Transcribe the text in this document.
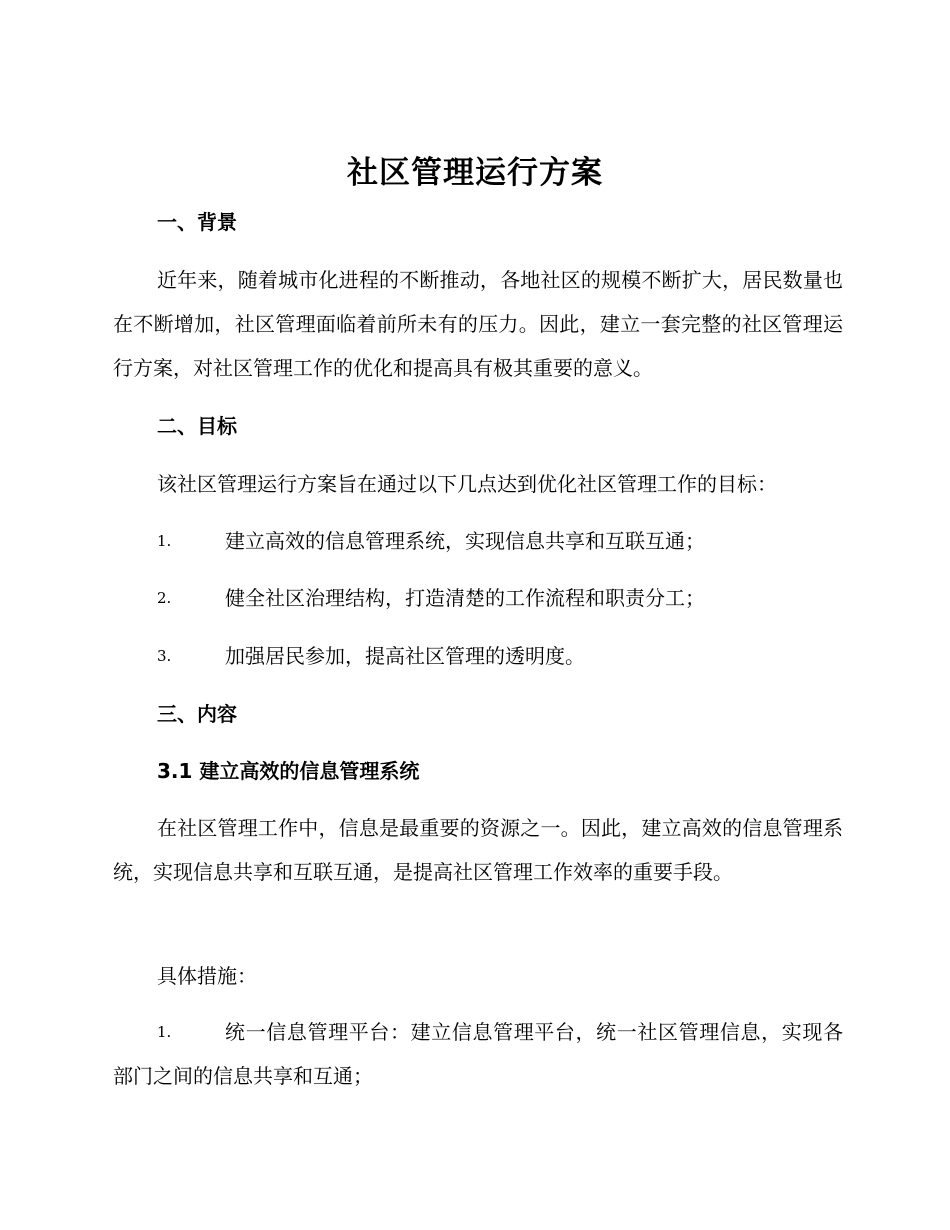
社区管理运行方案
一、背景
近年来，随着城市化进程的不断推动，各地社区的规模不断扩大，居民数量也在不断增加，社区管理面临着前所未有的压力。因此，建立一套完整的社区管理运行方案，对社区管理工作的优化和提高具有极其重要的意义。
二、目标
该社区管理运行方案旨在通过以下几点达到优化社区管理工作的目标：
1.	建立高效的信息管理系统，实现信息共享和互联互通；
2.	健全社区治理结构，打造清楚的工作流程和职责分工；
3.	加强居民参加，提高社区管理的透明度。
三、内容
3.1 建立高效的信息管理系统
在社区管理工作中，信息是最重要的资源之一。因此，建立高效的信息管理系统，实现信息共享和互联互通，是提高社区管理工作效率的重要手段。
具体措施：
1.	统一信息管理平台：建立信息管理平台，统一社区管理信息，实现各部门之间的信息共享和互通；
